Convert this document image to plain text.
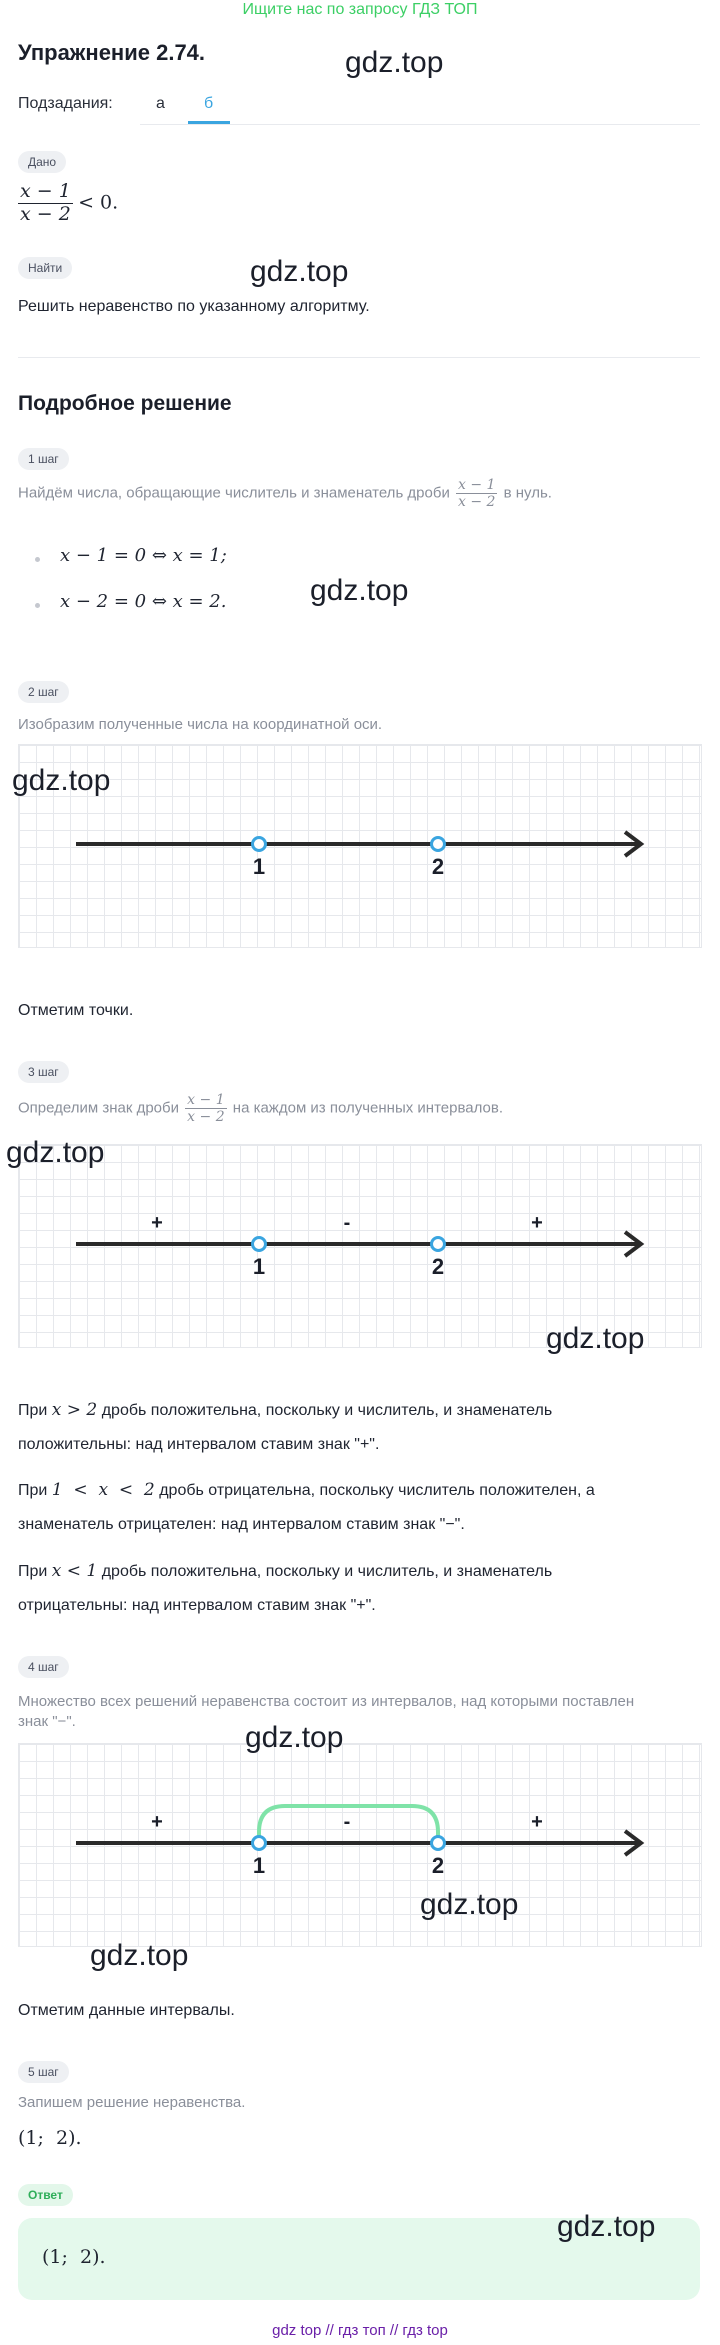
Ищите нас по запросу ГДЗ ТОП
Упражнение 2.74.	gdz.top
Подзадания:	а б
Дано
$\frac{x - 1}{x - 2} < 0$.
Найти	gdz.top
Решить неравенство по указанному алгоритму.
Подробное решение
1 шаг
Найдём числа, обращающие числитель и знаменатель дроби $\frac{x - 1}{x - 2}$ в нуль.
x − 1 = 0 ⇔ x = 1;
x − 2 = 0 ⇔ x = 2.	gdz.top
2 шаг
Изобразим полученные числа на координатной оси.
1	2
gdz.top
Отметим точки.
3 шаг
Определим знак дроби $\frac{x - 1}{x - 2}$ на каждом из полученных интервалов.
1	2
+	-	+
gdz.top
gdz.top
При x > 2 дробь положительна, поскольку и числитель, и знаменатель
положительны: над интервалом ставим знак "+".
При 1  <  x  <  2 дробь отрицательна, поскольку числитель положителен, а
знаменатель отрицателен: над интервалом ставим знак "−".
При x < 1 дробь положительна, поскольку и числитель, и знаменатель
отрицательны: над интервалом ставим знак "+".
4 шаг
Множество всех решений неравенства состоит из интервалов, над которыми поставлен
знак "−".
1	2
+	-	+
gdz.top
gdz.top
gdz.top
Отметим данные интервалы.
5 шаг
Запишем решение неравенства.
(1;  2).
Ответ
(1;  2).
gdz.top
gdz top // гдз топ // гдз top
